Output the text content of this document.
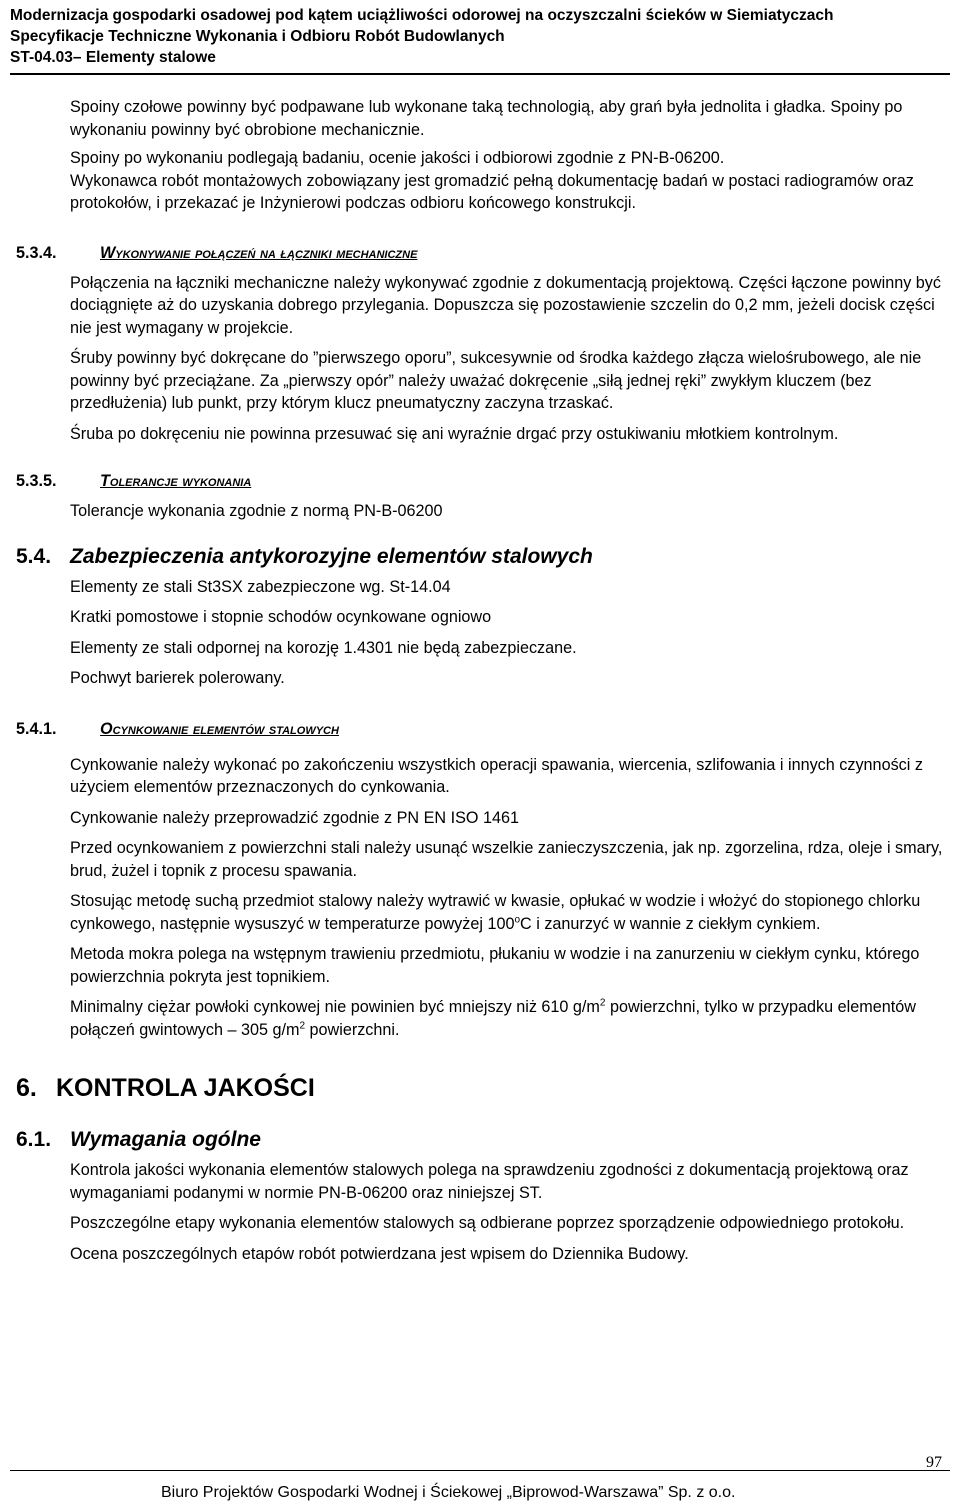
Modernizacja gospodarki osadowej pod kątem uciążliwości odorowej na oczyszczalni ścieków w Siemiatyczach
Specyfikacje Techniczne Wykonania i Odbioru Robót Budowlanych
ST-04.03– Elementy stalowe

Spoiny czołowe powinny być podpawane lub wykonane taką technologią, aby grań była jednolita i gładka. Spoiny po wykonaniu powinny być obrobione mechanicznie.

Spoiny po wykonaniu podlegają badaniu, ocenie jakości i odbiorowi zgodnie z PN-B-06200.

Wykonawca robót montażowych zobowiązany jest gromadzić pełną dokumentację badań w postaci radiogramów oraz protokołów, i przekazać je Inżynierowi podczas odbioru końcowego konstrukcji.

5.3.4.	Wykonywanie połączeń na łączniki mechaniczne

Połączenia na łączniki mechaniczne należy wykonywać zgodnie z dokumentacją projektową. Części łączone powinny być dociągnięte aż do uzyskania dobrego przylegania. Dopuszcza się pozostawienie szczelin do 0,2 mm, jeżeli docisk części nie jest wymagany w projekcie.

Śruby powinny być dokręcane do ”pierwszego oporu”, sukcesywnie od środka każdego złącza wielośrubowego, ale nie powinny być przeciążane. Za „pierwszy opór” należy uważać dokręcenie „siłą jednej ręki” zwykłym kluczem (bez przedłużenia) lub punkt, przy którym klucz pneumatyczny zaczyna trzaskać.

Śruba po dokręceniu nie powinna przesuwać się ani wyraźnie drgać przy ostukiwaniu młotkiem kontrolnym.

5.3.5.	Tolerancje wykonania

Tolerancje wykonania zgodnie z normą PN-B-06200

5.4. Zabezpieczenia antykorozyjne elementów stalowych

Elementy ze stali St3SX zabezpieczone wg. St-14.04

Kratki pomostowe i stopnie schodów ocynkowane ogniowo

Elementy ze stali odpornej na korozję 1.4301 nie będą zabezpieczane.

Pochwyt barierek polerowany.

5.4.1.	Ocynkowanie elementów stalowych

Cynkowanie należy wykonać po zakończeniu wszystkich operacji spawania, wiercenia, szlifowania i innych czynności z użyciem elementów przeznaczonych do cynkowania.

Cynkowanie należy przeprowadzić zgodnie z PN EN ISO 1461

Przed ocynkowaniem z powierzchni stali należy usunąć wszelkie zanieczyszczenia, jak np. zgorzelina, rdza, oleje i smary, brud, żużel i topnik z procesu spawania.

Stosując metodę suchą przedmiot stalowy należy wytrawić w kwasie, opłukać w wodzie i włożyć do stopionego chlorku cynkowego, następnie wysuszyć w temperaturze powyżej 100$^o$C i zanurzyć w wannie z ciekłym cynkiem.

Metoda mokra polega na wstępnym trawieniu przedmiotu, płukaniu w wodzie i na zanurzeniu w ciekłym cynku, którego powierzchnia pokryta jest topnikiem.

Minimalny ciężar powłoki cynkowej nie powinien być mniejszy niż 610 $g/m^2$ powierzchni, tylko w przypadku elementów połączeń gwintowych – 305 $g/m^2$ powierzchni.

6. KONTROLA JAKOŚCI
6.1. Wymagania ogólne

Kontrola jakości wykonania elementów stalowych polega na sprawdzeniu zgodności z dokumentacją projektową oraz wymaganiami podanymi w normie PN-B-06200 oraz niniejszej ST.

Poszczególne etapy wykonania elementów stalowych są odbierane poprzez sporządzenie odpowiedniego protokołu.

Ocena poszczególnych etapów robót potwierdzana jest wpisem do Dziennika Budowy.

97
Biuro Projektów Gospodarki Wodnej i Ściekowej „Biprowod-Warszawa” Sp. z o.o.
